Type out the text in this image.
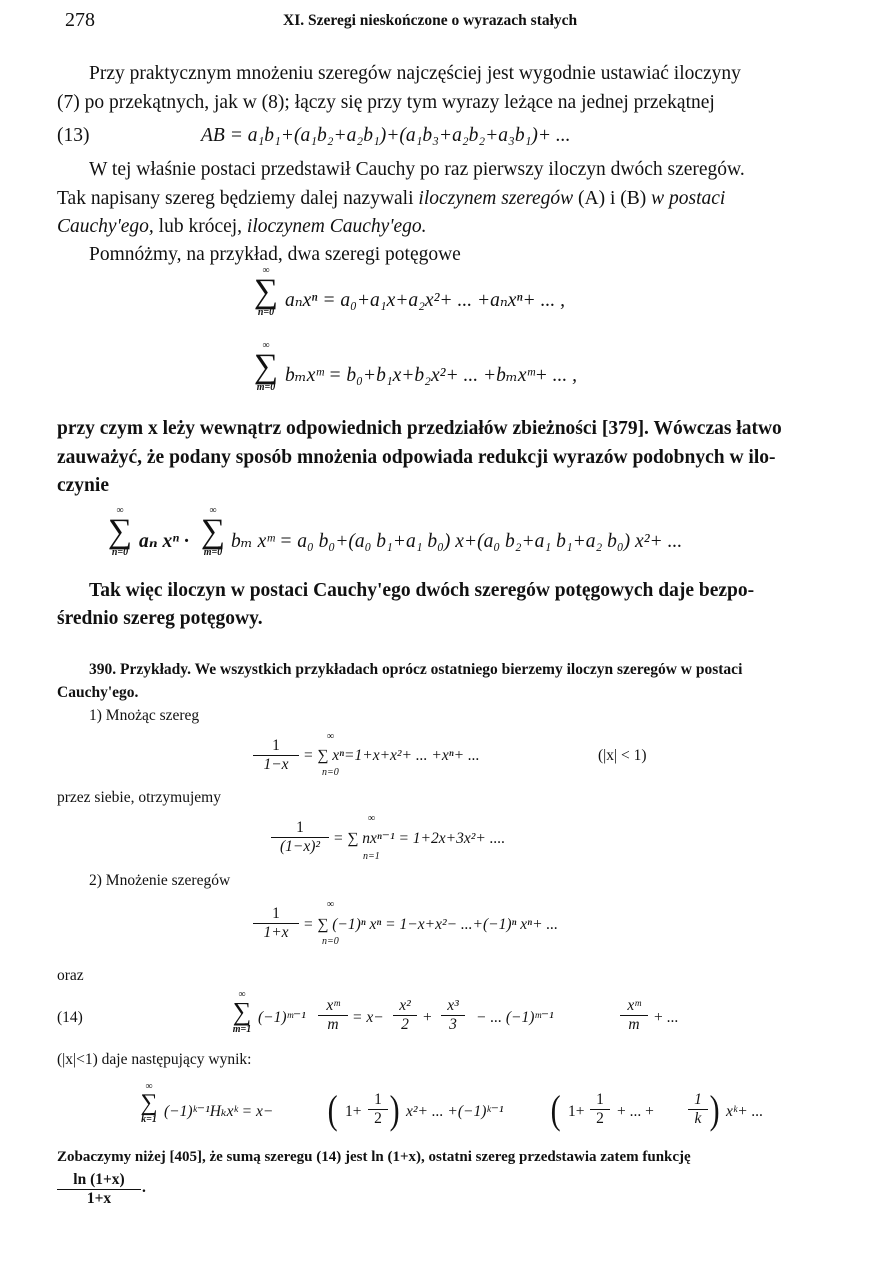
278	XI. Szeregi nieskończone o wyrazach stałych
Przy praktycznym mnożeniu szeregów najczęściej jest wygodnie ustawiać iloczyny
(7) po przekątnych, jak w (8); łączy się przy tym wyrazy leżące na jednej przekątnej
(13)	AB = a₁b₁+(a₁b₂+a₂b₁)+(a₁b₃+a₂b₂+a₃b₁)+ ...
W tej właśnie postaci przedstawił Cauchy po raz pierwszy iloczyn dwóch szeregów.
Tak napisany szereg będziemy dalej nazywali iloczynem szeregów (A) i (B) w postaci
Cauchy'ego, lub krócej, iloczynem Cauchy'ego.
Pomnóżmy, na przykład, dwa szeregi potęgowe
∞
∑
n=0
aₙxⁿ = a₀+a₁x+a₂x²+ ... +aₙxⁿ+ ... ,
∞
∑
m=0
bₘxᵐ = b₀+b₁x+b₂x²+ ... +bₘxᵐ+ ... ,
przy czym x leży wewnątrz odpowiednich przedziałów zbieżności [379]. Wówczas łatwo
zauważyć, że podany sposób mnożenia odpowiada redukcji wyrazów podobnych w ilo-
czynie
∞
∑
n=0
aₙ xⁿ ·
∞
∑
m=0
bₘ xᵐ = a₀ b₀+(a₀ b₁+a₁ b₀) x+(a₀ b₂+a₁ b₁+a₂ b₀) x²+ ...
Tak więc iloczyn w postaci Cauchy'ego dwóch szeregów potęgowych daje bezpo-
średnio szereg potęgowy.
390. Przykłady. We wszystkich przykładach oprócz ostatniego bierzemy iloczyn szeregów w postaci
Cauchy'ego.
1) Mnożąc szereg
$\frac{1}{1-x}$ = ∑ xⁿ=1+x+x²+ ... +xⁿ+ ...
∞
n=0
(|x| < 1)
przez siebie, otrzymujemy
$\frac{1}{\text{(1−x)²}}$ = ∑ nxⁿ⁻¹ = 1+2x+3x²+ ....
∞
n=1
2) Mnożenie szeregów
$\frac{1}{1+x}$ = ∑ (−1)ⁿ xⁿ = 1−x+x²− ...+(−1)ⁿ xⁿ+ ...
∞
n=0
oraz
(14)
∞
∑
m=1
(−1)ᵐ⁻¹ $\frac{\text{xᵐ}}{m} = x- \frac{\text{x²}}{2} + \frac{\text{x³}}{3}$ − ... (−1)ᵐ⁻¹	$\frac{\text{xᵐ}}{m}$ + ...
(|x|<1) daje następujący wynik:
∞
∑
k=1 (−1)ᵏ⁻¹Hₖxᵏ = x− ( $1+ \frac{1}{2}$ ) x²+ ... +(−1)ᵏ⁻¹ ( $1+ \frac{1}{2}$ + ... + $\frac{1}{k}$ ) xᵏ+ ...
Zobaczymy niżej [405], że sumą szeregu (14) jest ln (1+x), ostatni szereg przedstawia zatem funkcję
$\frac{\ln (1+x)}{1+x}$ .
